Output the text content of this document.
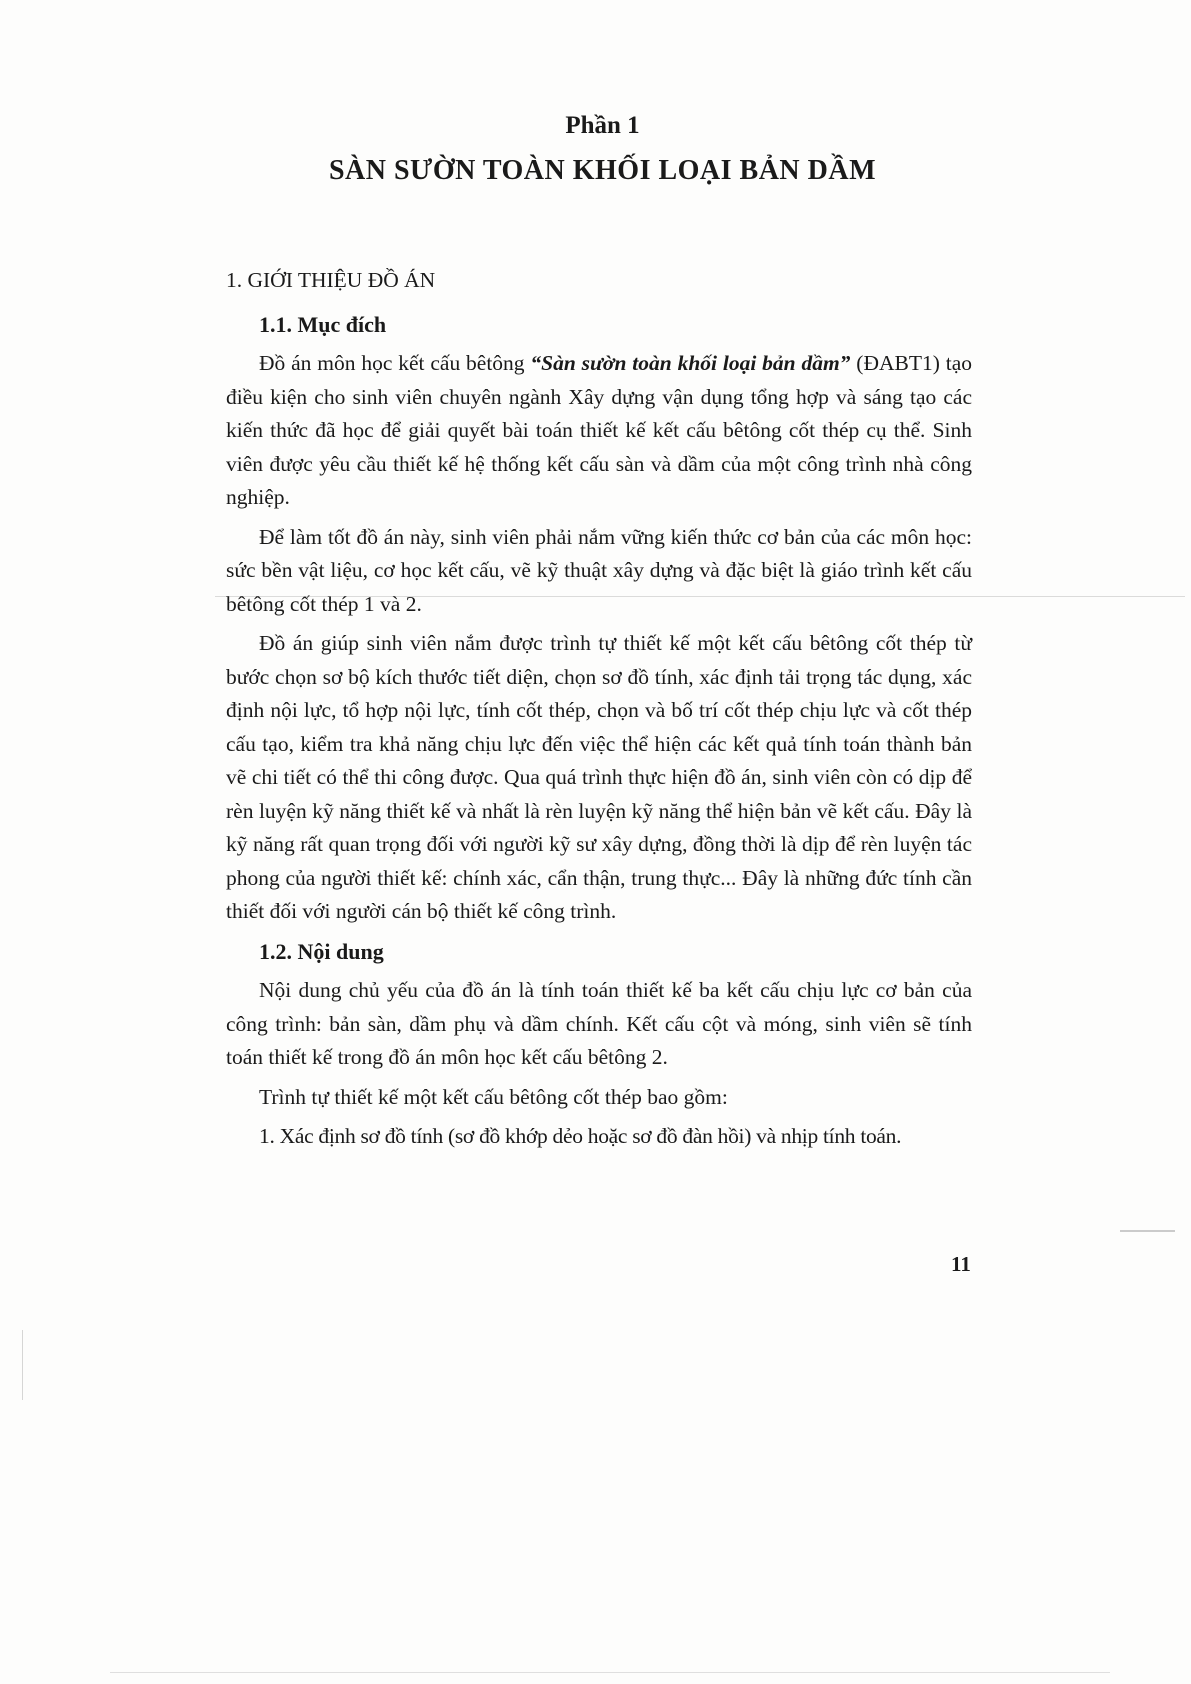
Phần 1
SÀN SƯỜN TOÀN KHỐI LOẠI BẢN DẦM
1. GIỚI THIỆU ĐỒ ÁN
1.1. Mục đích

Đồ án môn học kết cấu bêtông “Sàn sườn toàn khối loại bản dầm” (ĐABT1) tạo điều kiện cho sinh viên chuyên ngành Xây dựng vận dụng tổng hợp và sáng tạo các kiến thức đã học để giải quyết bài toán thiết kế kết cấu bêtông cốt thép cụ thể. Sinh viên được yêu cầu thiết kế hệ thống kết cấu sàn và dầm của một công trình nhà công nghiệp.

Để làm tốt đồ án này, sinh viên phải nắm vững kiến thức cơ bản của các môn học: sức bền vật liệu, cơ học kết cấu, vẽ kỹ thuật xây dựng và đặc biệt là giáo trình kết cấu bêtông cốt thép 1 và 2.

Đồ án giúp sinh viên nắm được trình tự thiết kế một kết cấu bêtông cốt thép từ bước chọn sơ bộ kích thước tiết diện, chọn sơ đồ tính, xác định tải trọng tác dụng, xác định nội lực, tổ hợp nội lực, tính cốt thép, chọn và bố trí cốt thép chịu lực và cốt thép cấu tạo, kiểm tra khả năng chịu lực đến việc thể hiện các kết quả tính toán thành bản vẽ chi tiết có thể thi công được. Qua quá trình thực hiện đồ án, sinh viên còn có dịp để rèn luyện kỹ năng thiết kế và nhất là rèn luyện kỹ năng thể hiện bản vẽ kết cấu. Đây là kỹ năng rất quan trọng đối với người kỹ sư xây dựng, đồng thời là dịp để rèn luyện tác phong của người thiết kế: chính xác, cẩn thận, trung thực... Đây là những đức tính cần thiết đối với người cán bộ thiết kế công trình.

1.2. Nội dung

Nội dung chủ yếu của đồ án là tính toán thiết kế ba kết cấu chịu lực cơ bản của công trình: bản sàn, dầm phụ và dầm chính. Kết cấu cột và móng, sinh viên sẽ tính toán thiết kế trong đồ án môn học kết cấu bêtông 2.

Trình tự thiết kế một kết cấu bêtông cốt thép bao gồm:

1. Xác định sơ đồ tính (sơ đồ khớp dẻo hoặc sơ đồ đàn hồi) và nhịp tính toán.

11
